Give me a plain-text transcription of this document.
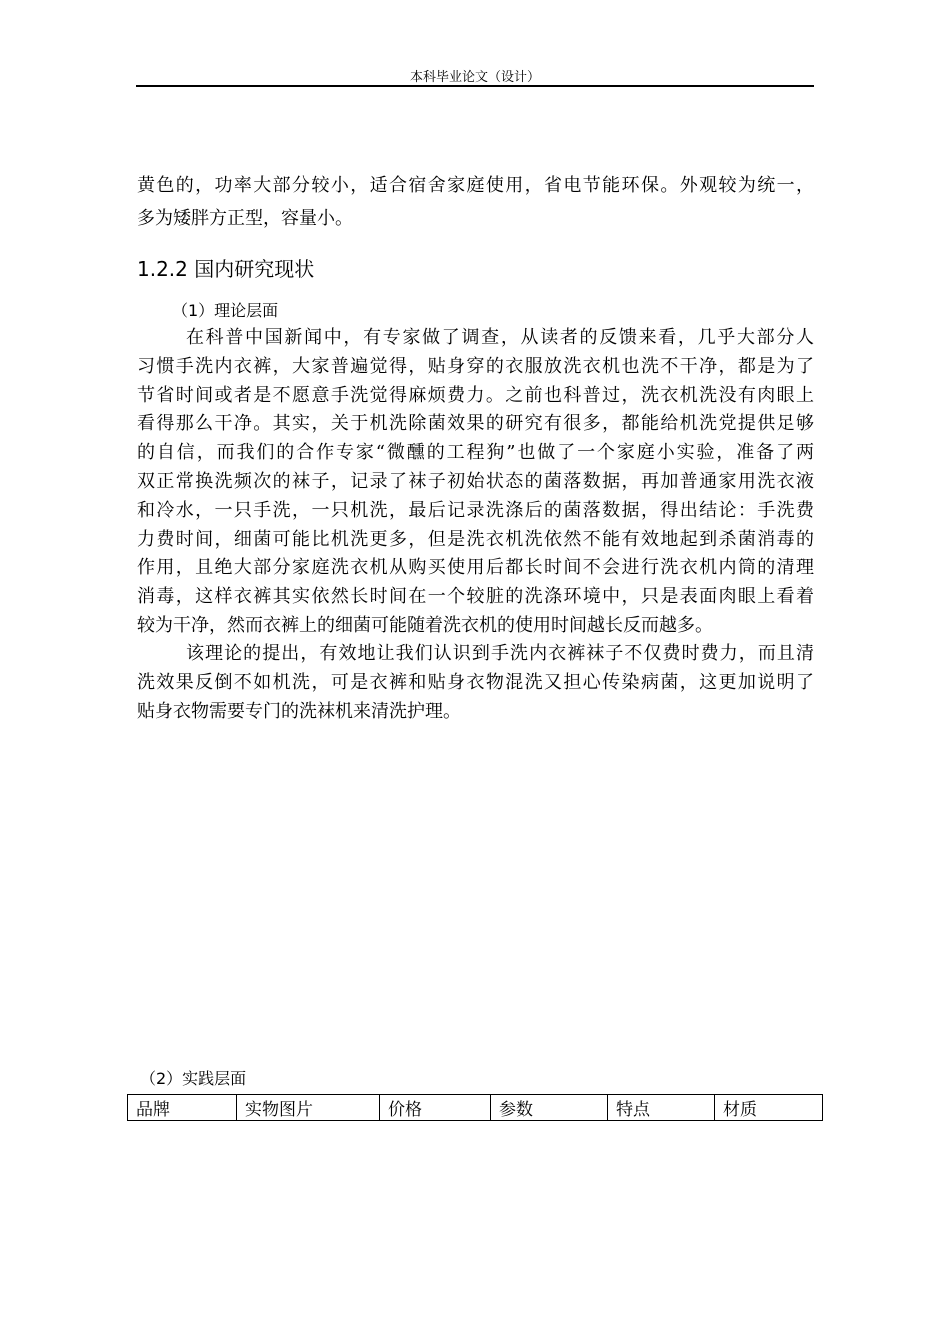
本科毕业论文（设计）
黄色的，功率大部分较小，适合宿舍家庭使用，省电节能环保。外观较为统一，
多为矮胖方正型，容量小。
1.2.2 国内研究现状
（1）理论层面
（2）实践层面
品牌	实物图片	价格	参数	特点	材质
在科普中国新闻中，有专家做了调查，从读者的反馈来看，几乎大部分人
习惯手洗内衣裤，大家普遍觉得，贴身穿的衣服放洗衣机也洗不干净，都是为了
节省时间或者是不愿意手洗觉得麻烦费力。之前也科普过，洗衣机洗没有肉眼上
看得那么干净。其实，关于机洗除菌效果的研究有很多，都能给机洗党提供足够
的自信，而我们的合作专家“微醺的工程狗”也做了一个家庭小实验，准备了两
双正常换洗频次的袜子，记录了袜子初始状态的菌落数据，再加普通家用洗衣液
和冷水，一只手洗，一只机洗，最后记录洗涤后的菌落数据，得出结论：手洗费
力费时间，细菌可能比机洗更多，但是洗衣机洗依然不能有效地起到杀菌消毒的
作用，且绝大部分家庭洗衣机从购买使用后都长时间不会进行洗衣机内筒的清理
消毒，这样衣裤其实依然长时间在一个较脏的洗涤环境中，只是表面肉眼上看着
较为干净，然而衣裤上的细菌可能随着洗衣机的使用时间越长反而越多。
该理论的提出，有效地让我们认识到手洗内衣裤袜子不仅费时费力，而且清
洗效果反倒不如机洗，可是衣裤和贴身衣物混洗又担心传染病菌，这更加说明了
贴身衣物需要专门的洗袜机来清洗护理。
